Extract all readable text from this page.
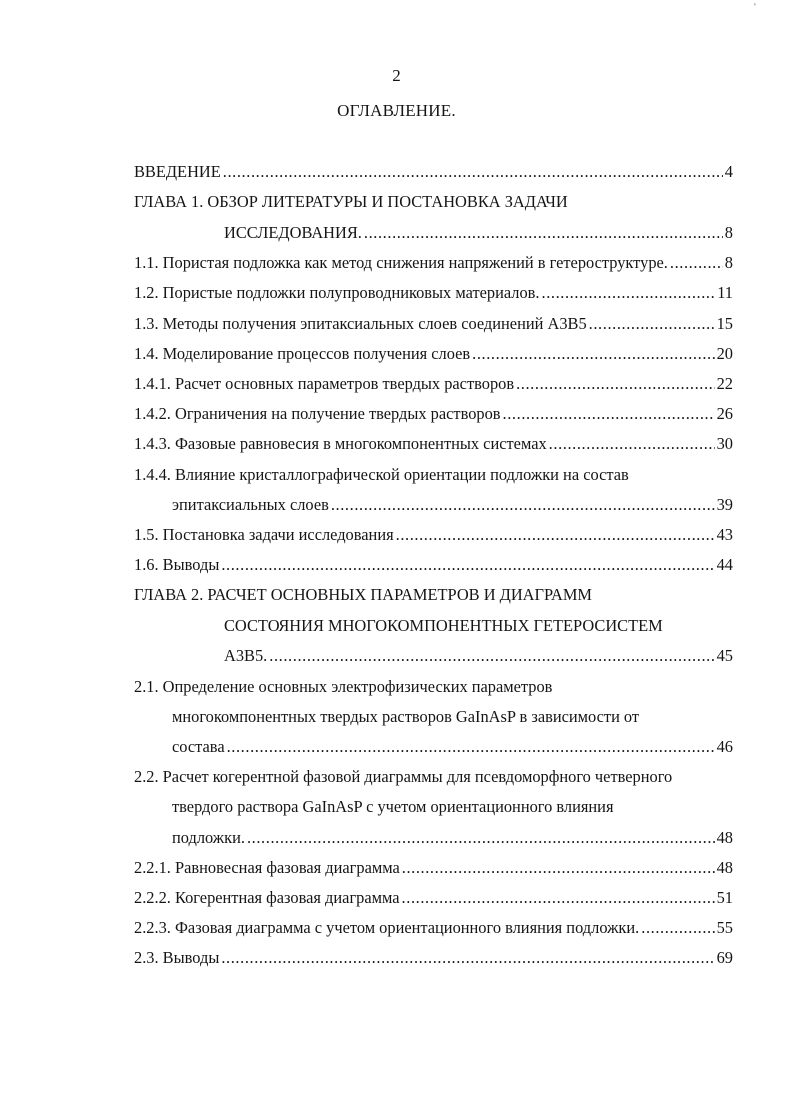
᾽
2
ОГЛАВЛЕНИЕ.
ВВЕДЕНИЕ .....	4
ГЛАВА 1. ОБЗОР ЛИТЕРАТУРЫ И ПОСТАНОВКА ЗАДАЧИ
ИССЛЕДОВАНИЯ. .....	8
1.1. Пористая подложка как метод снижения напряжений в гетероструктуре. .....	8
1.2. Пористые подложки полупроводниковых материалов. .....	11
1.3. Методы получения эпитаксиальных слоев соединений А3В5 .....	15
1.4. Моделирование процессов получения слоев .....	20
1.4.1. Расчет основных параметров твердых растворов .....	22
1.4.2. Ограничения на получение твердых растворов .....	26
1.4.3. Фазовые равновесия в многокомпонентных системах .....	30
1.4.4. Влияние кристаллографической ориентации подложки на состав
эпитаксиальных слоев .....	39
1.5. Постановка задачи исследования .....	43
1.6. Выводы .....	44
ГЛАВА 2. РАСЧЕТ ОСНОВНЫХ ПАРАМЕТРОВ И ДИАГРАММ
СОСТОЯНИЯ МНОГОКОМПОНЕНТНЫХ ГЕТЕРОСИСТЕМ
А3В5. .....	45
2.1. Определение основных электрофизических параметров
многокомпонентных твердых растворов GaInAsP в зависимости от
состава .....	46
2.2. Расчет когерентной фазовой диаграммы для псевдоморфного четверного
твердого раствора GaInAsP с учетом ориентационного влияния
подложки. .....	48
2.2.1. Равновесная фазовая диаграмма .....	48
2.2.2. Когерентная фазовая диаграмма .....	51
2.2.3. Фазовая диаграмма с учетом ориентационного влияния подложки. .....	55
2.3. Выводы .....	69
